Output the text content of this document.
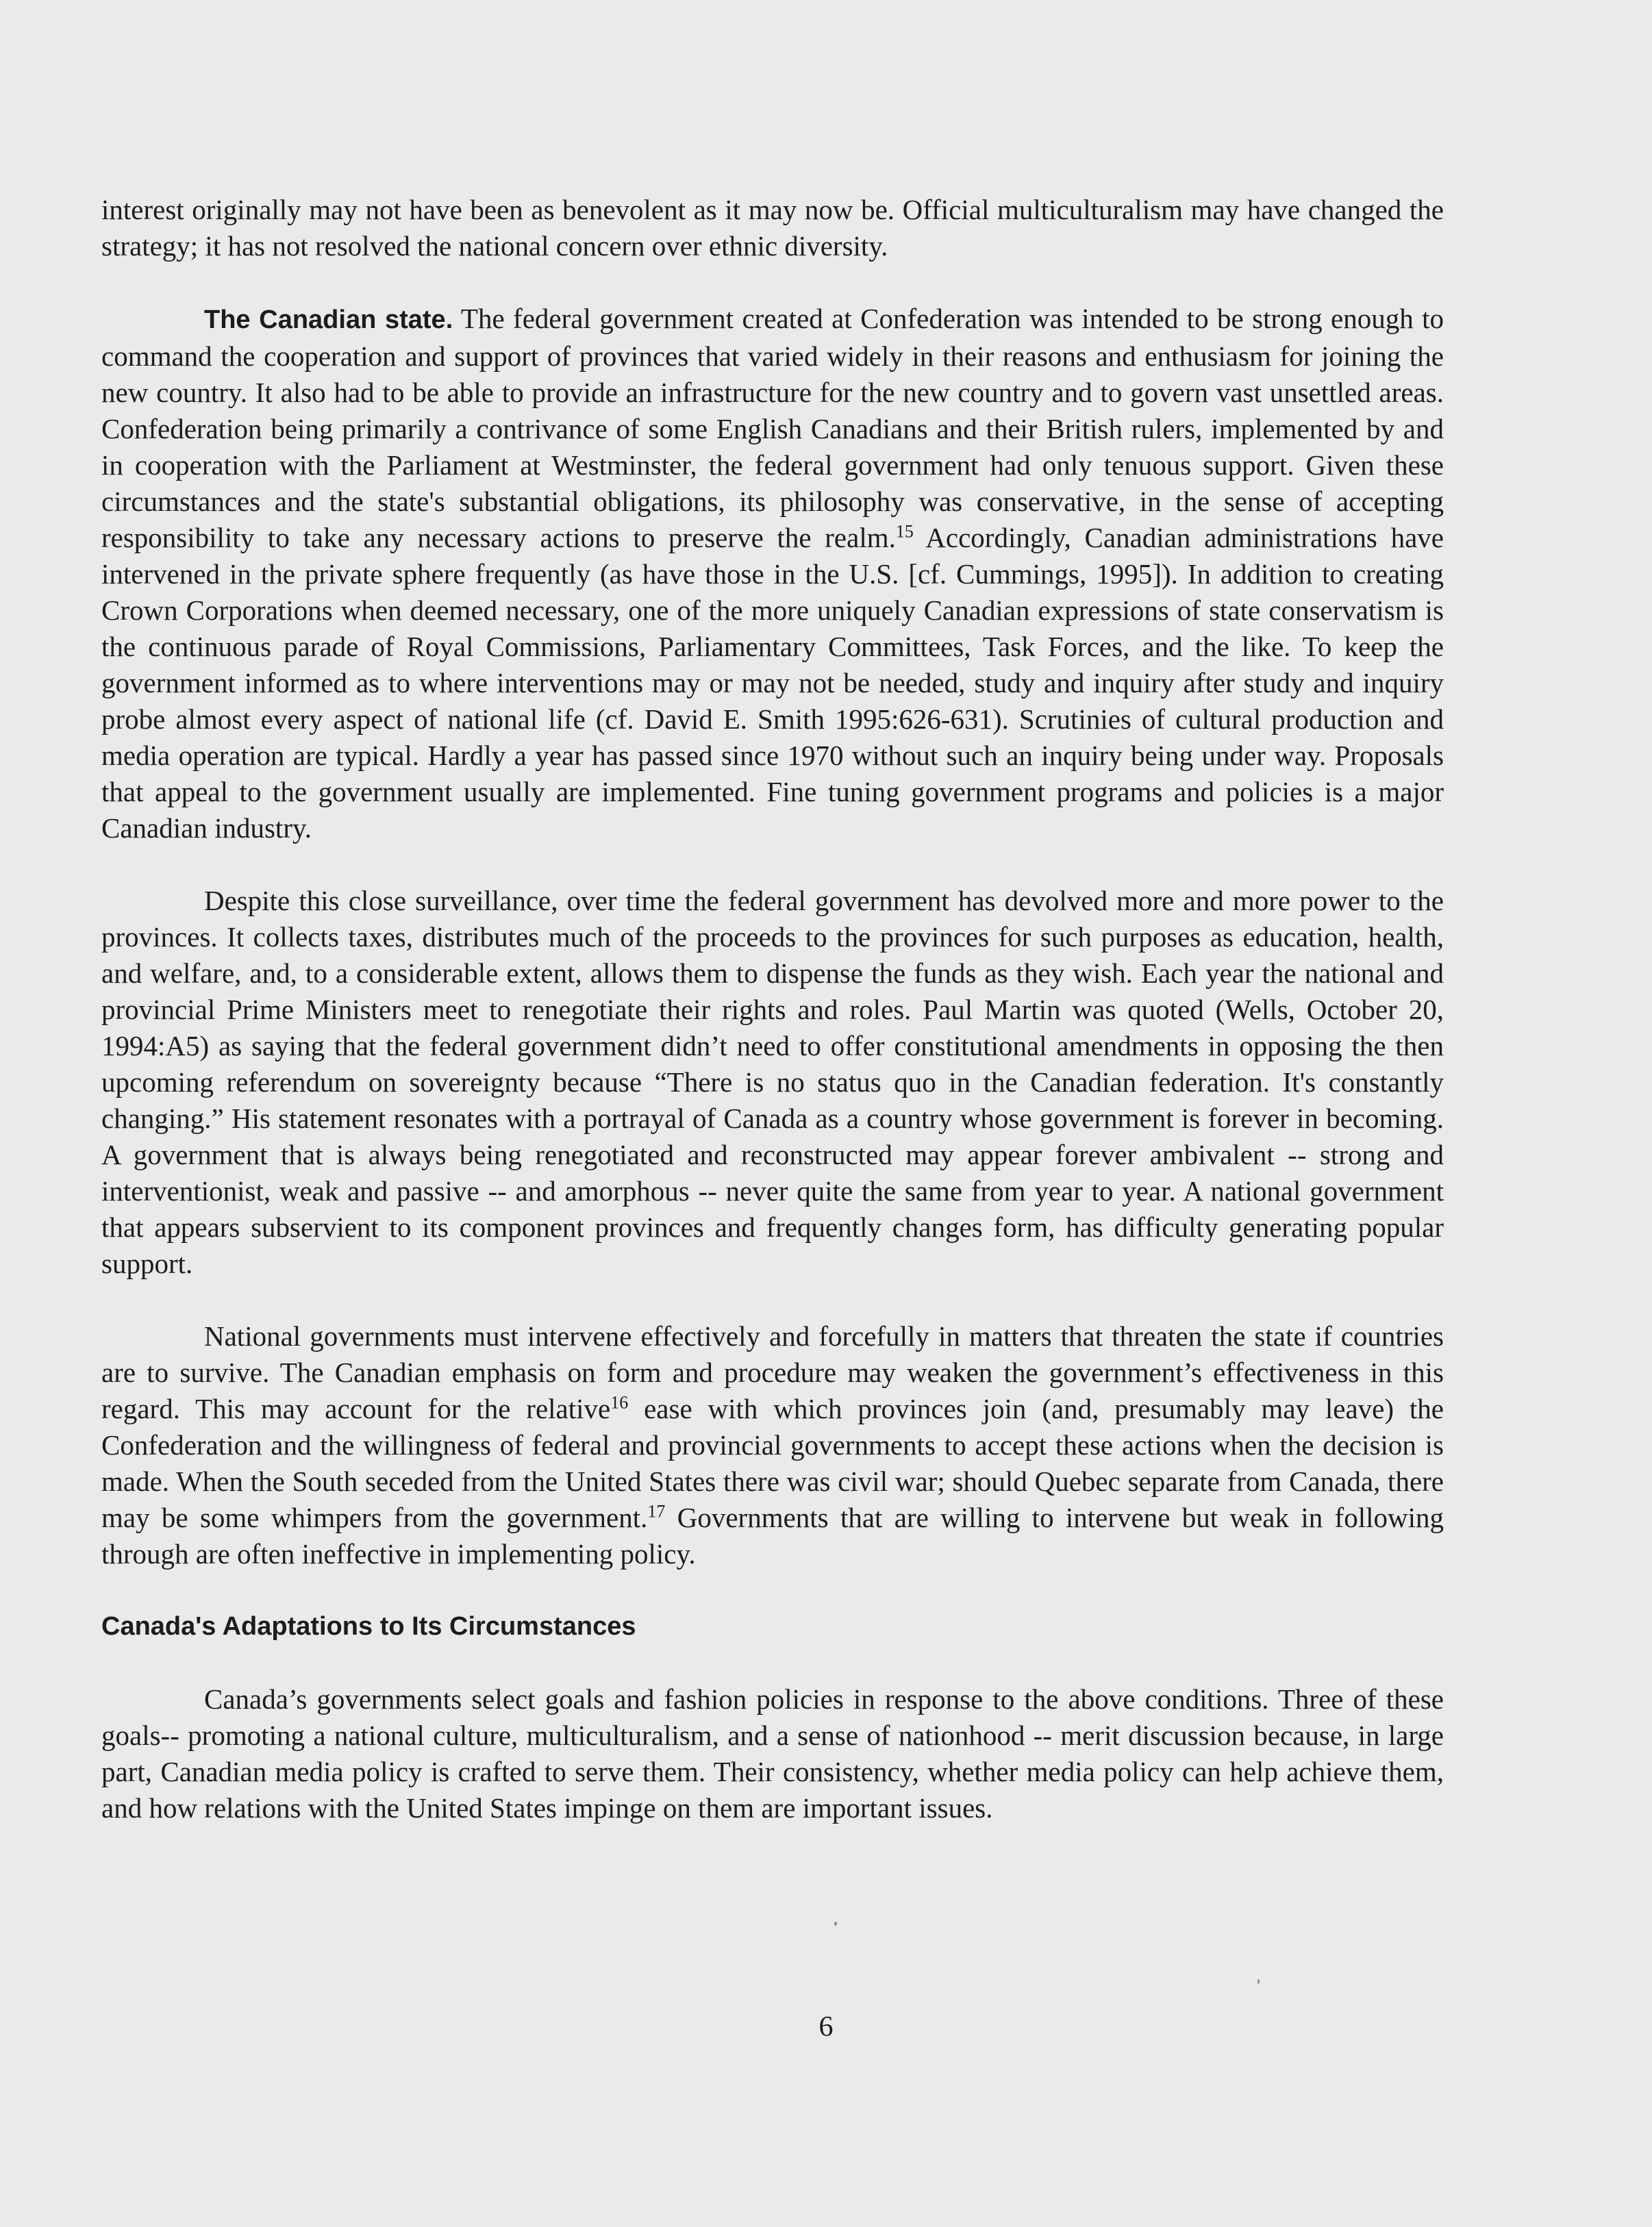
interest originally may not have been as benevolent as it may now be. Official multiculturalism may have changed the strategy; it has not resolved the national concern over ethnic diversity.

The Canadian state. The federal government created at Confederation was intended to be strong enough to command the cooperation and support of provinces that varied widely in their reasons and enthusiasm for joining the new country. It also had to be able to provide an infrastructure for the new country and to govern vast unsettled areas. Confederation being primarily a contrivance of some English Canadians and their British rulers, implemented by and in cooperation with the Parliament at Westminster, the federal government had only tenuous support. Given these circumstances and the state's substantial obligations, its philosophy was conservative, in the sense of accepting responsibility to take any necessary actions to preserve the realm.$^{15}$ Accordingly, Canadian administrations have intervened in the private sphere frequently (as have those in the U.S. [cf. Cummings, 1995]). In addition to creating Crown Corporations when deemed necessary, one of the more uniquely Canadian expressions of state conservatism is the continuous parade of Royal Commissions, Parliamentary Committees, Task Forces, and the like. To keep the government informed as to where interventions may or may not be needed, study and inquiry after study and inquiry probe almost every aspect of national life (cf. David E. Smith 1995:626-631). Scrutinies of cultural production and media operation are typical. Hardly a year has passed since 1970 without such an inquiry being under way. Proposals that appeal to the government usually are implemented. Fine tuning government programs and policies is a major Canadian industry.

Despite this close surveillance, over time the federal government has devolved more and more power to the provinces. It collects taxes, distributes much of the proceeds to the provinces for such purposes as education, health, and welfare, and, to a considerable extent, allows them to dispense the funds as they wish. Each year the national and provincial Prime Ministers meet to renegotiate their rights and roles. Paul Martin was quoted (Wells, October 20, 1994:A5) as saying that the federal government didn’t need to offer constitutional amendments in opposing the then upcoming referendum on sovereignty because “There is no status quo in the Canadian federation. It's constantly changing.” His statement resonates with a portrayal of Canada as a country whose government is forever in becoming. A government that is always being renegotiated and reconstructed may appear forever ambivalent -- strong and interventionist, weak and passive -- and amorphous -- never quite the same from year to year. A national government that appears subservient to its component provinces and frequently changes form, has difficulty generating popular support.

National governments must intervene effectively and forcefully in matters that threaten the state if countries are to survive. The Canadian emphasis on form and procedure may weaken the government’s effectiveness in this regard. This may account for the relative$^{16}$ ease with which provinces join (and, presumably may leave) the Confederation and the willingness of federal and provincial governments to accept these actions when the decision is made. When the South seceded from the United States there was civil war; should Quebec separate from Canada, there may be some whimpers from the government.$^{17}$ Governments that are willing to intervene but weak in following through are often ineffective in implementing policy.

Canada's Adaptations to Its Circumstances

Canada’s governments select goals and fashion policies in response to the above conditions. Three of these goals-- promoting a national culture, multiculturalism, and a sense of nationhood -- merit discussion because, in large part, Canadian media policy is crafted to serve them. Their consistency, whether media policy can help achieve them, and how relations with the United States impinge on them are important issues.

6
